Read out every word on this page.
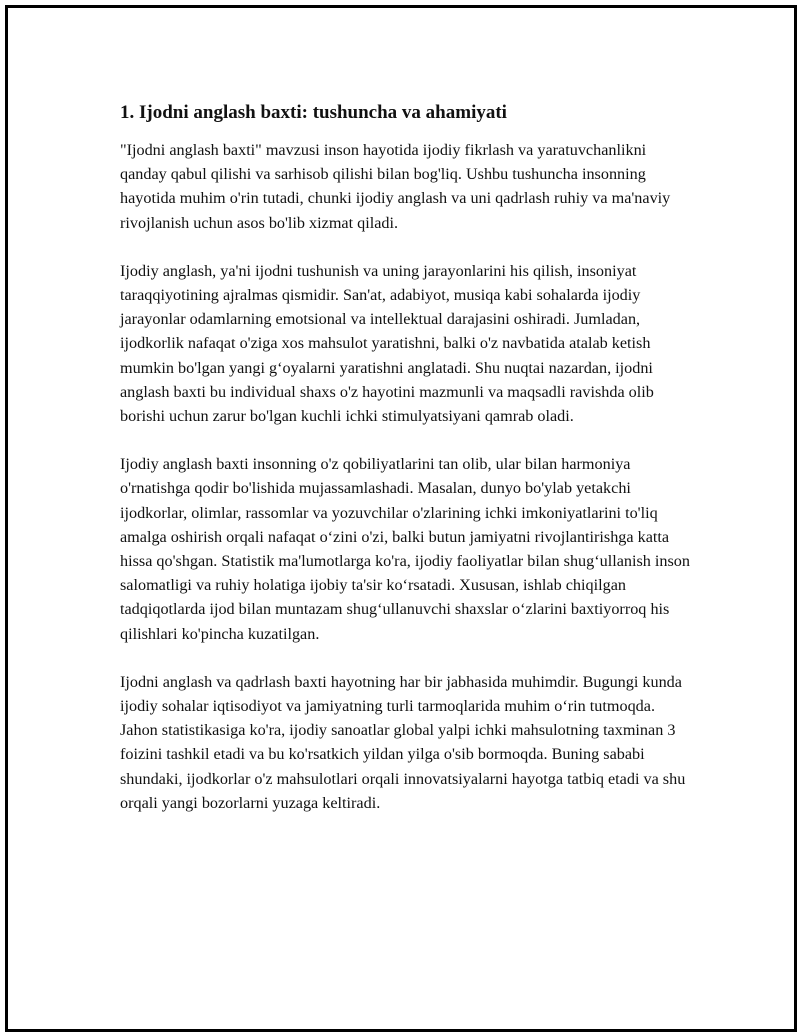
1. Ijodni anglash baxti: tushuncha va ahamiyati

"Ijodni anglash baxti" mavzusi inson hayotida ijodiy fikrlash va yaratuvchanlikni qanday qabul qilishi va sarhisob qilishi bilan bog'liq. Ushbu tushuncha insonning hayotida muhim o'rin tutadi, chunki ijodiy anglash va uni qadrlash ruhiy va ma'naviy rivojlanish uchun asos bo'lib xizmat qiladi.

Ijodiy anglash, ya'ni ijodni tushunish va uning jarayonlarini his qilish, insoniyat taraqqiyotining ajralmas qismidir. San'at, adabiyot, musiqa kabi sohalarda ijodiy jarayonlar odamlarning emotsional va intellektual darajasini oshiradi. Jumladan, ijodkorlik nafaqat o'ziga xos mahsulot yaratishni, balki o'z navbatida atalab ketish mumkin bo'lgan yangi g‘oyalarni yaratishni anglatadi. Shu nuqtai nazardan, ijodni anglash baxti bu individual shaxs o'z hayotini mazmunli va maqsadli ravishda olib borishi uchun zarur bo'lgan kuchli ichki stimulyatsiyani qamrab oladi.

Ijodiy anglash baxti insonning o'z qobiliyatlarini tan olib, ular bilan harmoniya o'rnatishga qodir bo'lishida mujassamlashadi. Masalan, dunyo bo'ylab yetakchi ijodkorlar, olimlar, rassomlar va yozuvchilar o'zlarining ichki imkoniyatlarini to'liq amalga oshirish orqali nafaqat o‘zini o'zi, balki butun jamiyatni rivojlantirishga katta hissa qo'shgan. Statistik ma'lumotlarga ko'ra, ijodiy faoliyatlar bilan shug‘ullanish inson salomatligi va ruhiy holatiga ijobiy ta'sir ko‘rsatadi. Xususan, ishlab chiqilgan tadqiqotlarda ijod bilan muntazam shug‘ullanuvchi shaxslar o‘zlarini baxtiyorroq his qilishlari ko'pincha kuzatilgan.

Ijodni anglash va qadrlash baxti hayotning har bir jabhasida muhimdir. Bugungi kunda ijodiy sohalar iqtisodiyot va jamiyatning turli tarmoqlarida muhim o‘rin tutmoqda. Jahon statistikasiga ko'ra, ijodiy sanoatlar global yalpi ichki mahsulotning taxminan 3 foizini tashkil etadi va bu ko'rsatkich yildan yilga o'sib bormoqda. Buning sababi shundaki, ijodkorlar o'z mahsulotlari orqali innovatsiyalarni hayotga tatbiq etadi va shu orqali yangi bozorlarni yuzaga keltiradi.
